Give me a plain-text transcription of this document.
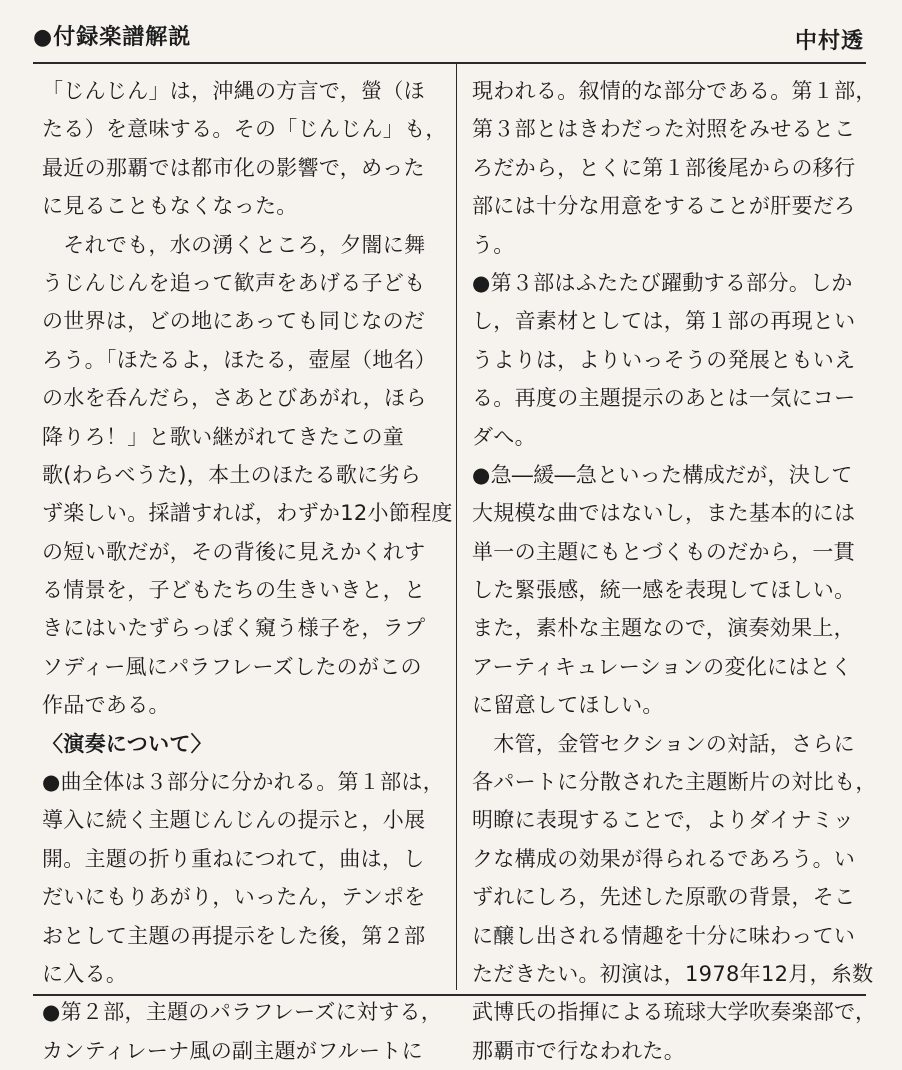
●付録楽譜解説	中村透
「じんじん」は，沖縄の方言で，螢（ほ
たる）を意味する。その「じんじん」も，
最近の那覇では都市化の影響で，めった
に見ることもなくなった。
　それでも，水の湧くところ，夕闇に舞
うじんじんを追って歓声をあげる子ども
の世界は，どの地にあっても同じなのだ
ろう。「ほたるよ，ほたる，壺屋（地名）
の水を呑んだら，さあとびあがれ，ほら
降りろ！」と歌い継がれてきたこの童
歌(わらべうた)，本土のほたる歌に劣ら
ず楽しい。採譜すれば，わずか12小節程度
の短い歌だが，その背後に見えかくれす
る情景を，子どもたちの生きいきと，と
きにはいたずらっぽく窺う様子を，ラプ
ソディー風にパラフレーズしたのがこの
作品である。
〈演奏について〉
●曲全体は３部分に分かれる。第１部は，
導入に続く主題じんじんの提示と，小展
開。主題の折り重ねにつれて，曲は，し
だいにもりあがり，いったん，テンポを
おとして主題の再提示をした後，第２部
に入る。
●第２部，主題のパラフレーズに対する，
カンティレーナ風の副主題がフルートに
現われる。叙情的な部分である。第１部，
第３部とはきわだった対照をみせるとこ
ろだから，とくに第１部後尾からの移行
部には十分な用意をすることが肝要だろ
う。
●第３部はふたたび躍動する部分。しか
し，音素材としては，第１部の再現とい
うよりは，よりいっそうの発展ともいえ
る。再度の主題提示のあとは一気にコー
ダへ。
●急―緩―急といった構成だが，決して
大規模な曲ではないし，また基本的には
単一の主題にもとづくものだから，一貫
した緊張感，統一感を表現してほしい。
また，素朴な主題なので，演奏効果上，
アーティキュレーションの変化にはとく
に留意してほしい。
　木管，金管セクションの対話，さらに
各パートに分散された主題断片の対比も，
明瞭に表現することで，よりダイナミッ
クな構成の効果が得られるであろう。い
ずれにしろ，先述した原歌の背景，そこ
に醸し出される情趣を十分に味わってい
ただきたい。初演は，1978年12月，糸数
武博氏の指揮による琉球大学吹奏楽部で，
那覇市で行なわれた。
